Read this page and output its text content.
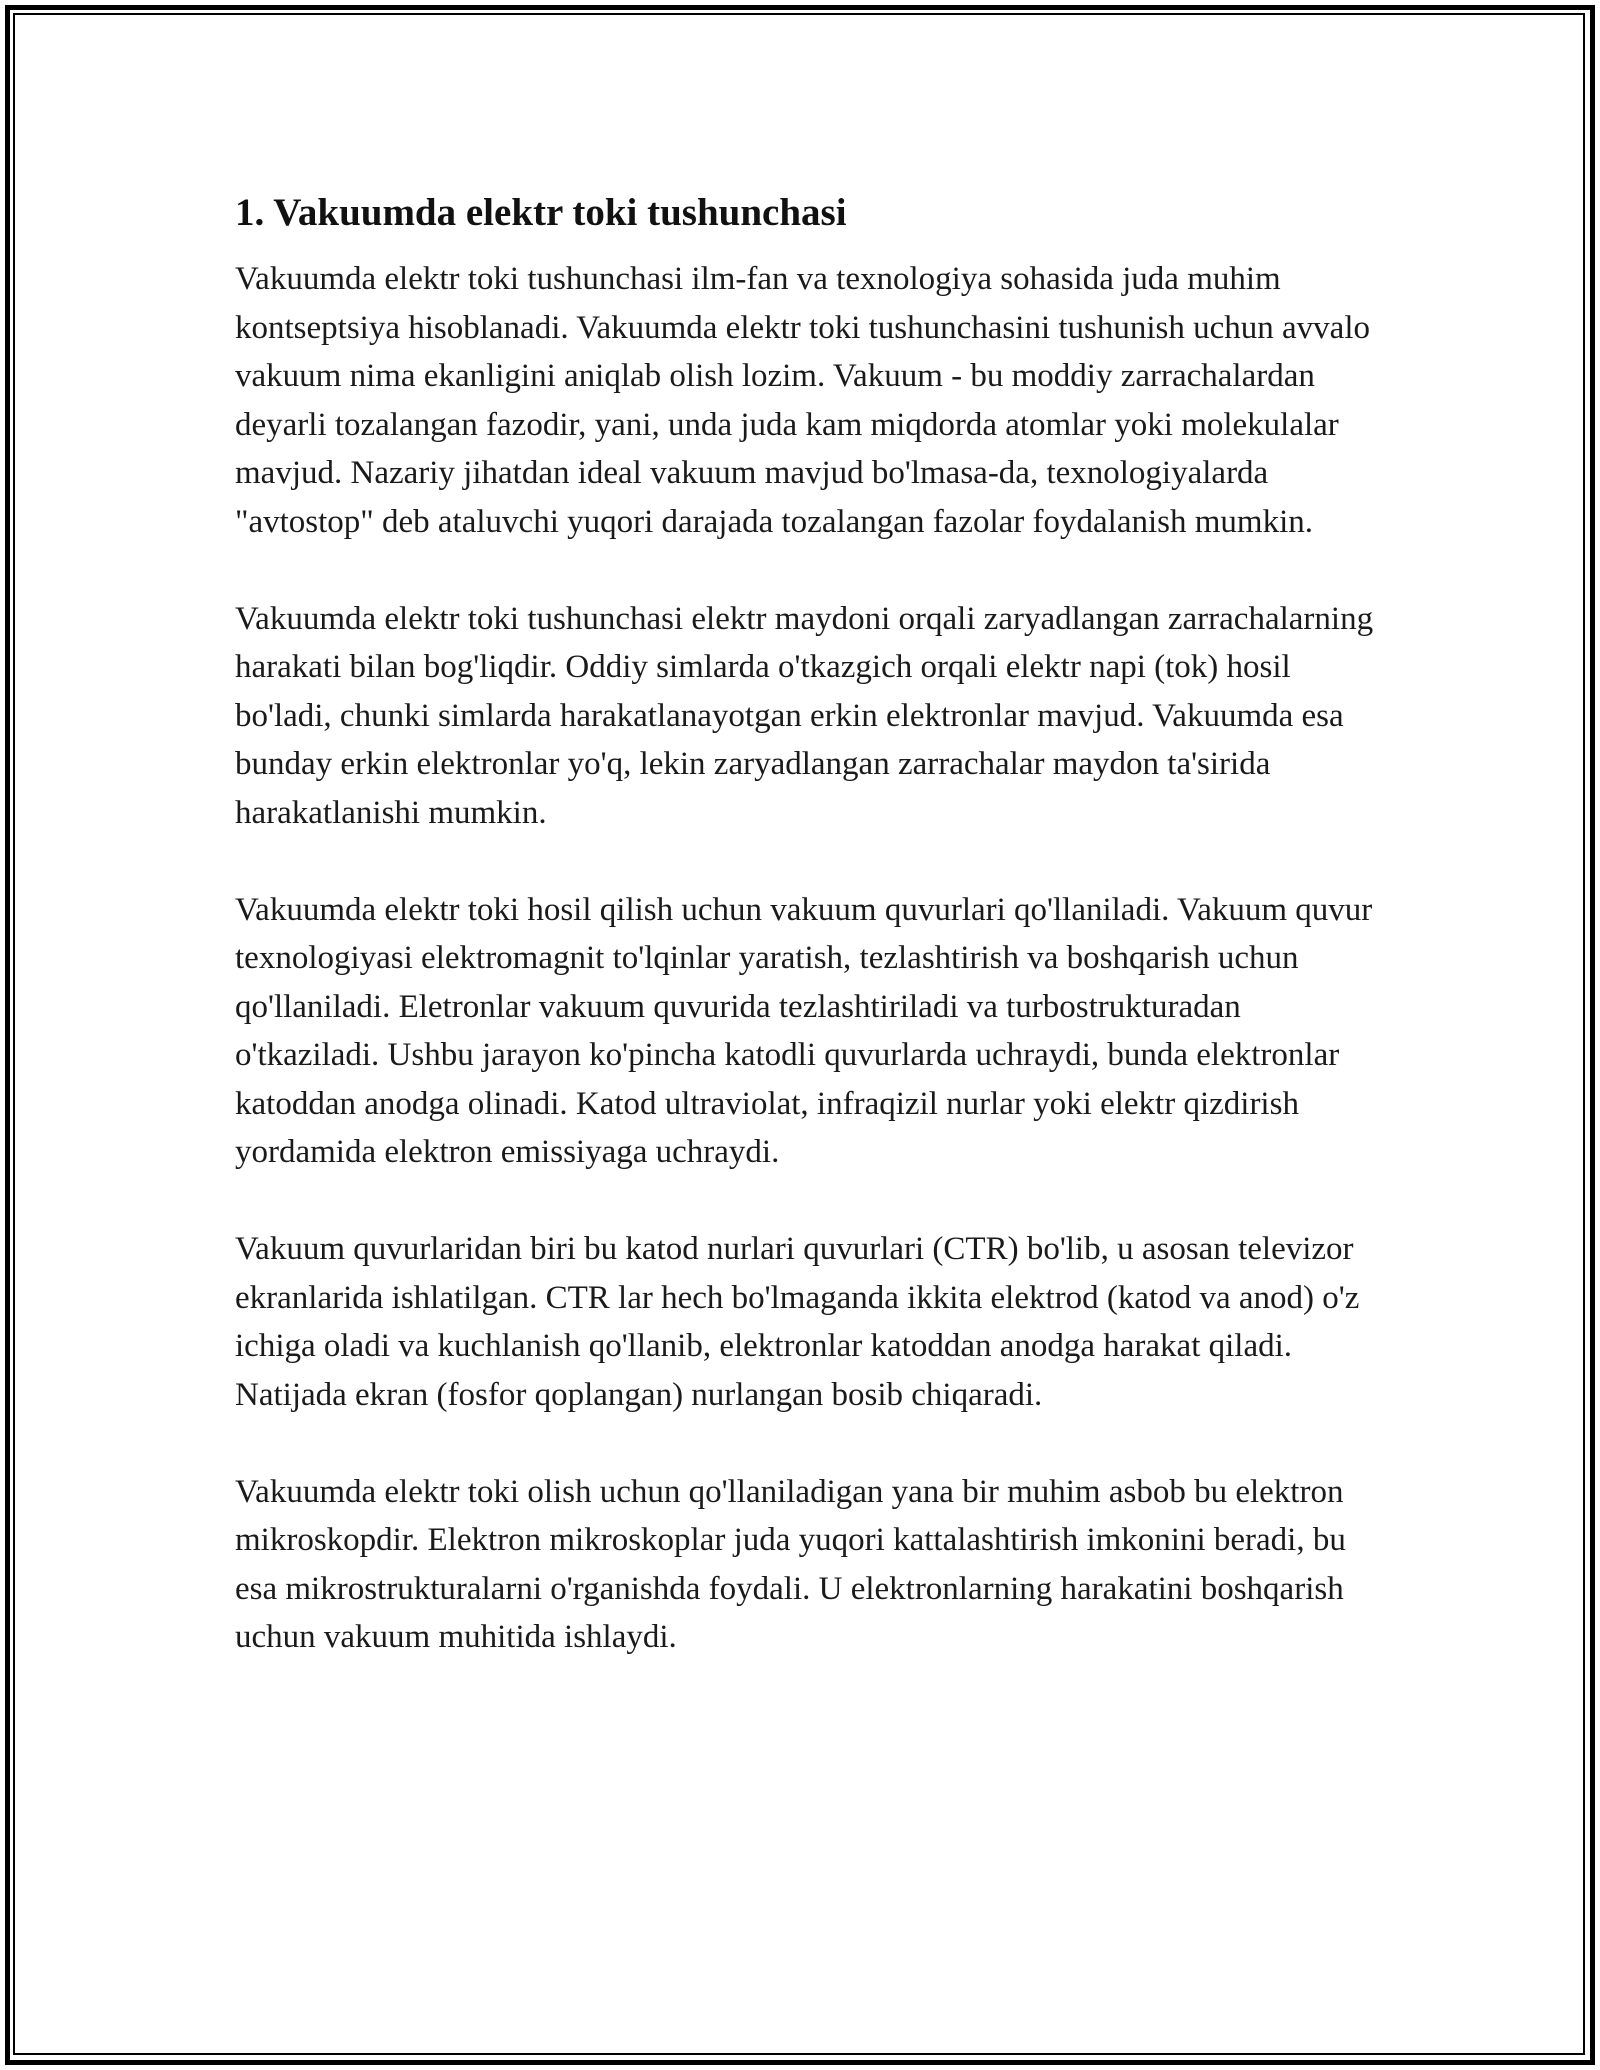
1. Vakuumda elektr toki tushunchasi

Vakuumda elektr toki tushunchasi ilm-fan va texnologiya sohasida juda muhim kontseptsiya hisoblanadi. Vakuumda elektr toki tushunchasini tushunish uchun avvalo vakuum nima ekanligini aniqlab olish lozim. Vakuum - bu moddiy zarrachalardan deyarli tozalangan fazodir, yani, unda juda kam miqdorda atomlar yoki molekulalar mavjud. Nazariy jihatdan ideal vakuum mavjud bo'lmasa-da, texnologiyalarda "avtostop" deb ataluvchi yuqori darajada tozalangan fazolar foydalanish mumkin.

Vakuumda elektr toki tushunchasi elektr maydoni orqali zaryadlangan zarrachalarning harakati bilan bog'liqdir. Oddiy simlarda o'tkazgich orqali elektr napi (tok) hosil bo'ladi, chunki simlarda harakatlanayotgan erkin elektronlar mavjud. Vakuumda esa bunday erkin elektronlar yo'q, lekin zaryadlangan zarrachalar maydon ta'sirida harakatlanishi mumkin.

Vakuumda elektr toki hosil qilish uchun vakuum quvurlari qo'llaniladi. Vakuum quvur texnologiyasi elektromagnit to'lqinlar yaratish, tezlashtirish va boshqarish uchun qo'llaniladi. Eletronlar vakuum quvurida tezlashtiriladi va turbostrukturadan o'tkaziladi. Ushbu jarayon ko'pincha katodli quvurlarda uchraydi, bunda elektronlar katoddan anodga olinadi. Katod ultraviolat, infraqizil nurlar yoki elektr qizdirish yordamida elektron emissiyaga uchraydi.

Vakuum quvurlaridan biri bu katod nurlari quvurlari (CTR) bo'lib, u asosan televizor ekranlarida ishlatilgan. CTR lar hech bo'lmaganda ikkita elektrod (katod va anod) o'z ichiga oladi va kuchlanish qo'llanib, elektronlar katoddan anodga harakat qiladi. Natijada ekran (fosfor qoplangan) nurlangan bosib chiqaradi.

Vakuumda elektr toki olish uchun qo'llaniladigan yana bir muhim asbob bu elektron mikroskopdir. Elektron mikroskoplar juda yuqori kattalashtirish imkonini beradi, bu esa mikrostrukturalarni o'rganishda foydali. U elektronlarning harakatini boshqarish uchun vakuum muhitida ishlaydi.
